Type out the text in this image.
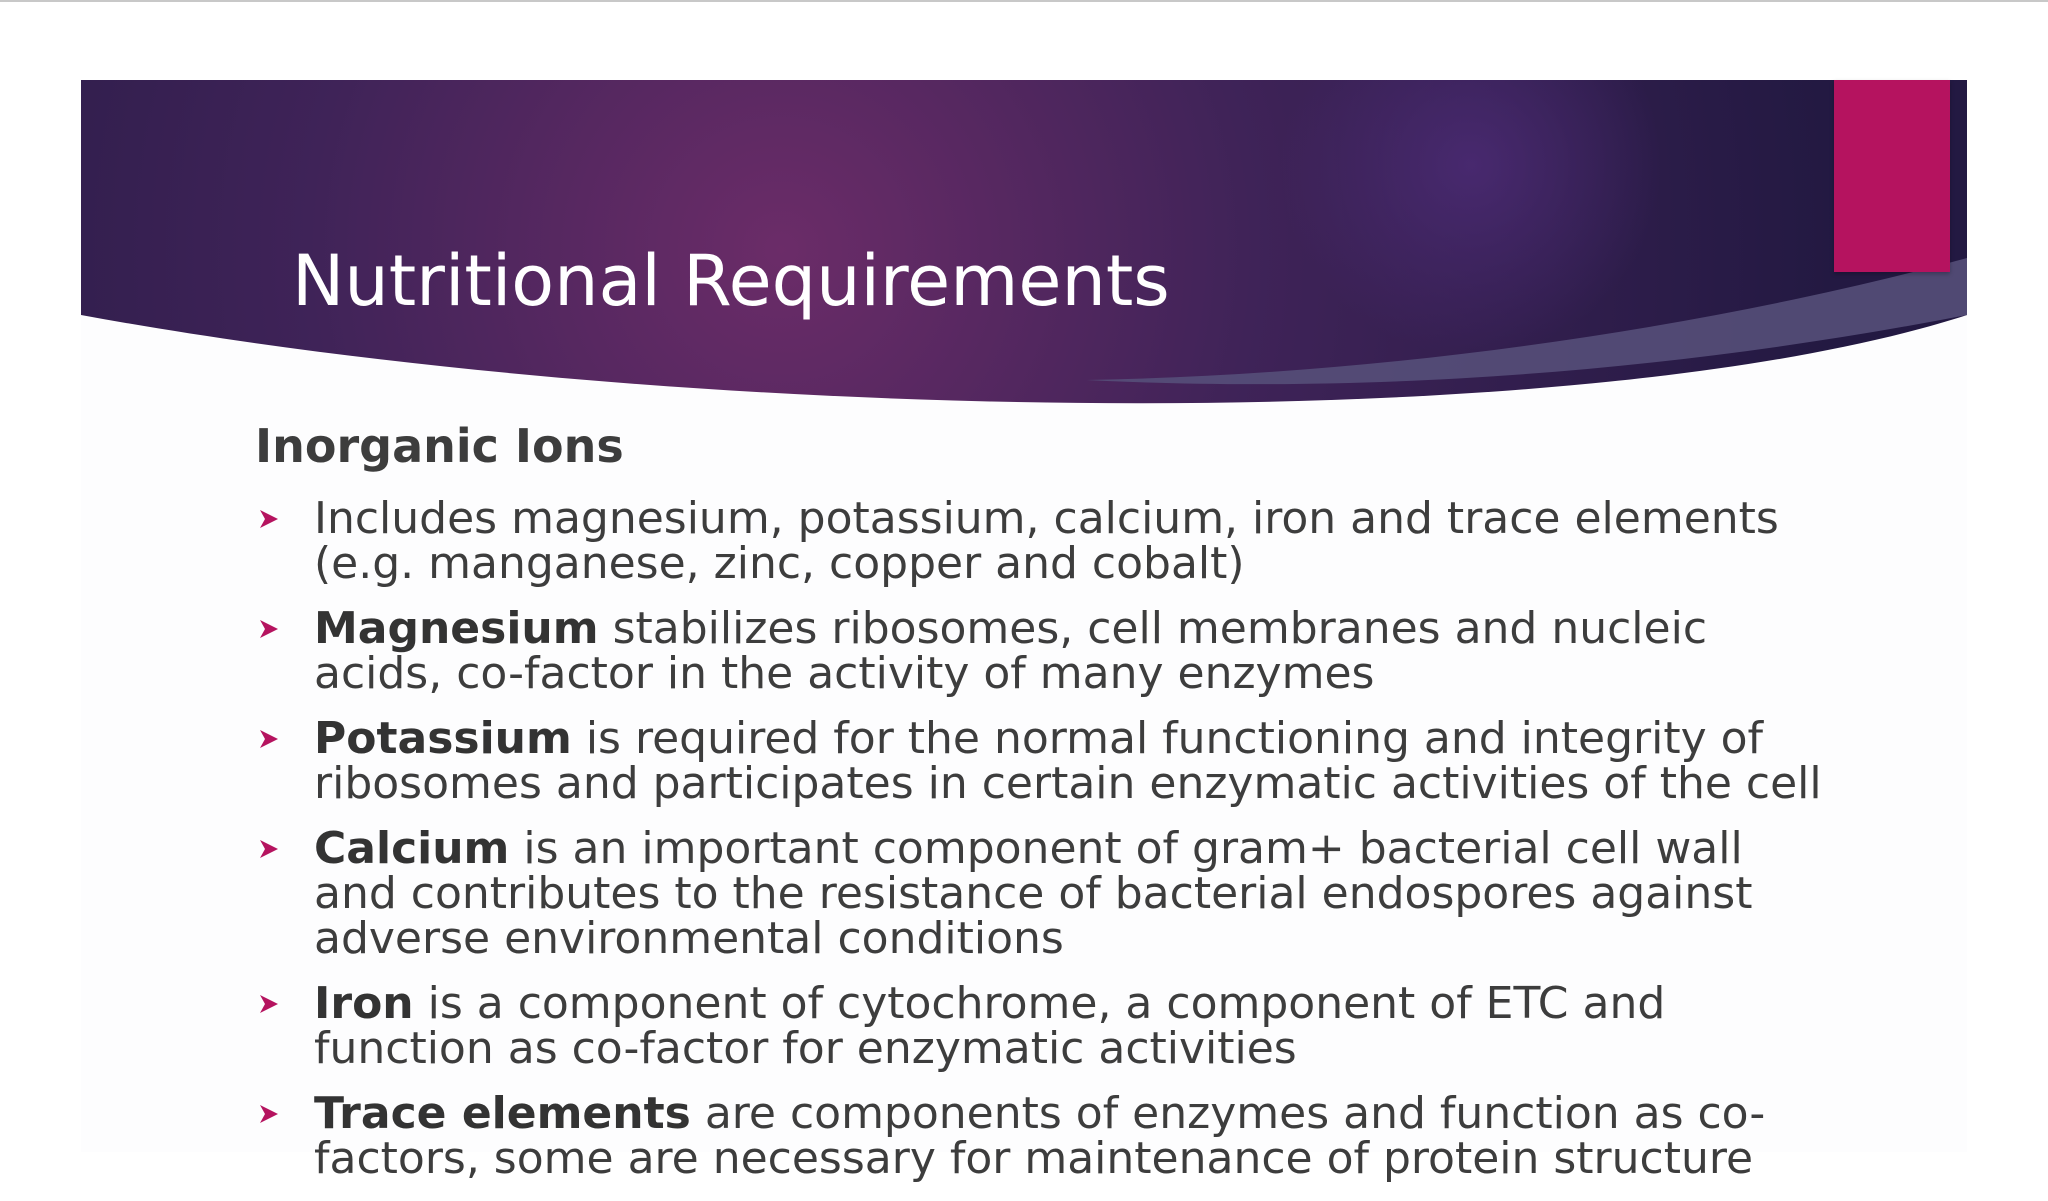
Nutritional Requirements
Inorganic Ions
Includes magnesium, potassium, calcium, iron and trace elements (e.g. manganese, zinc, copper and cobalt)
Magnesium stabilizes ribosomes, cell membranes and nucleic acids, co-factor in the activity of many enzymes
Potassium is required for the normal functioning and integrity of ribosomes and participates in certain enzymatic activities of the cell
Calcium is an important component of gram+ bacterial cell wall and contributes to the resistance of bacterial endospores against adverse environmental conditions
Iron is a component of cytochrome, a component of ETC and function as co-factor for enzymatic activities
Trace elements are components of enzymes and function as co-factors, some are necessary for maintenance of protein structure
